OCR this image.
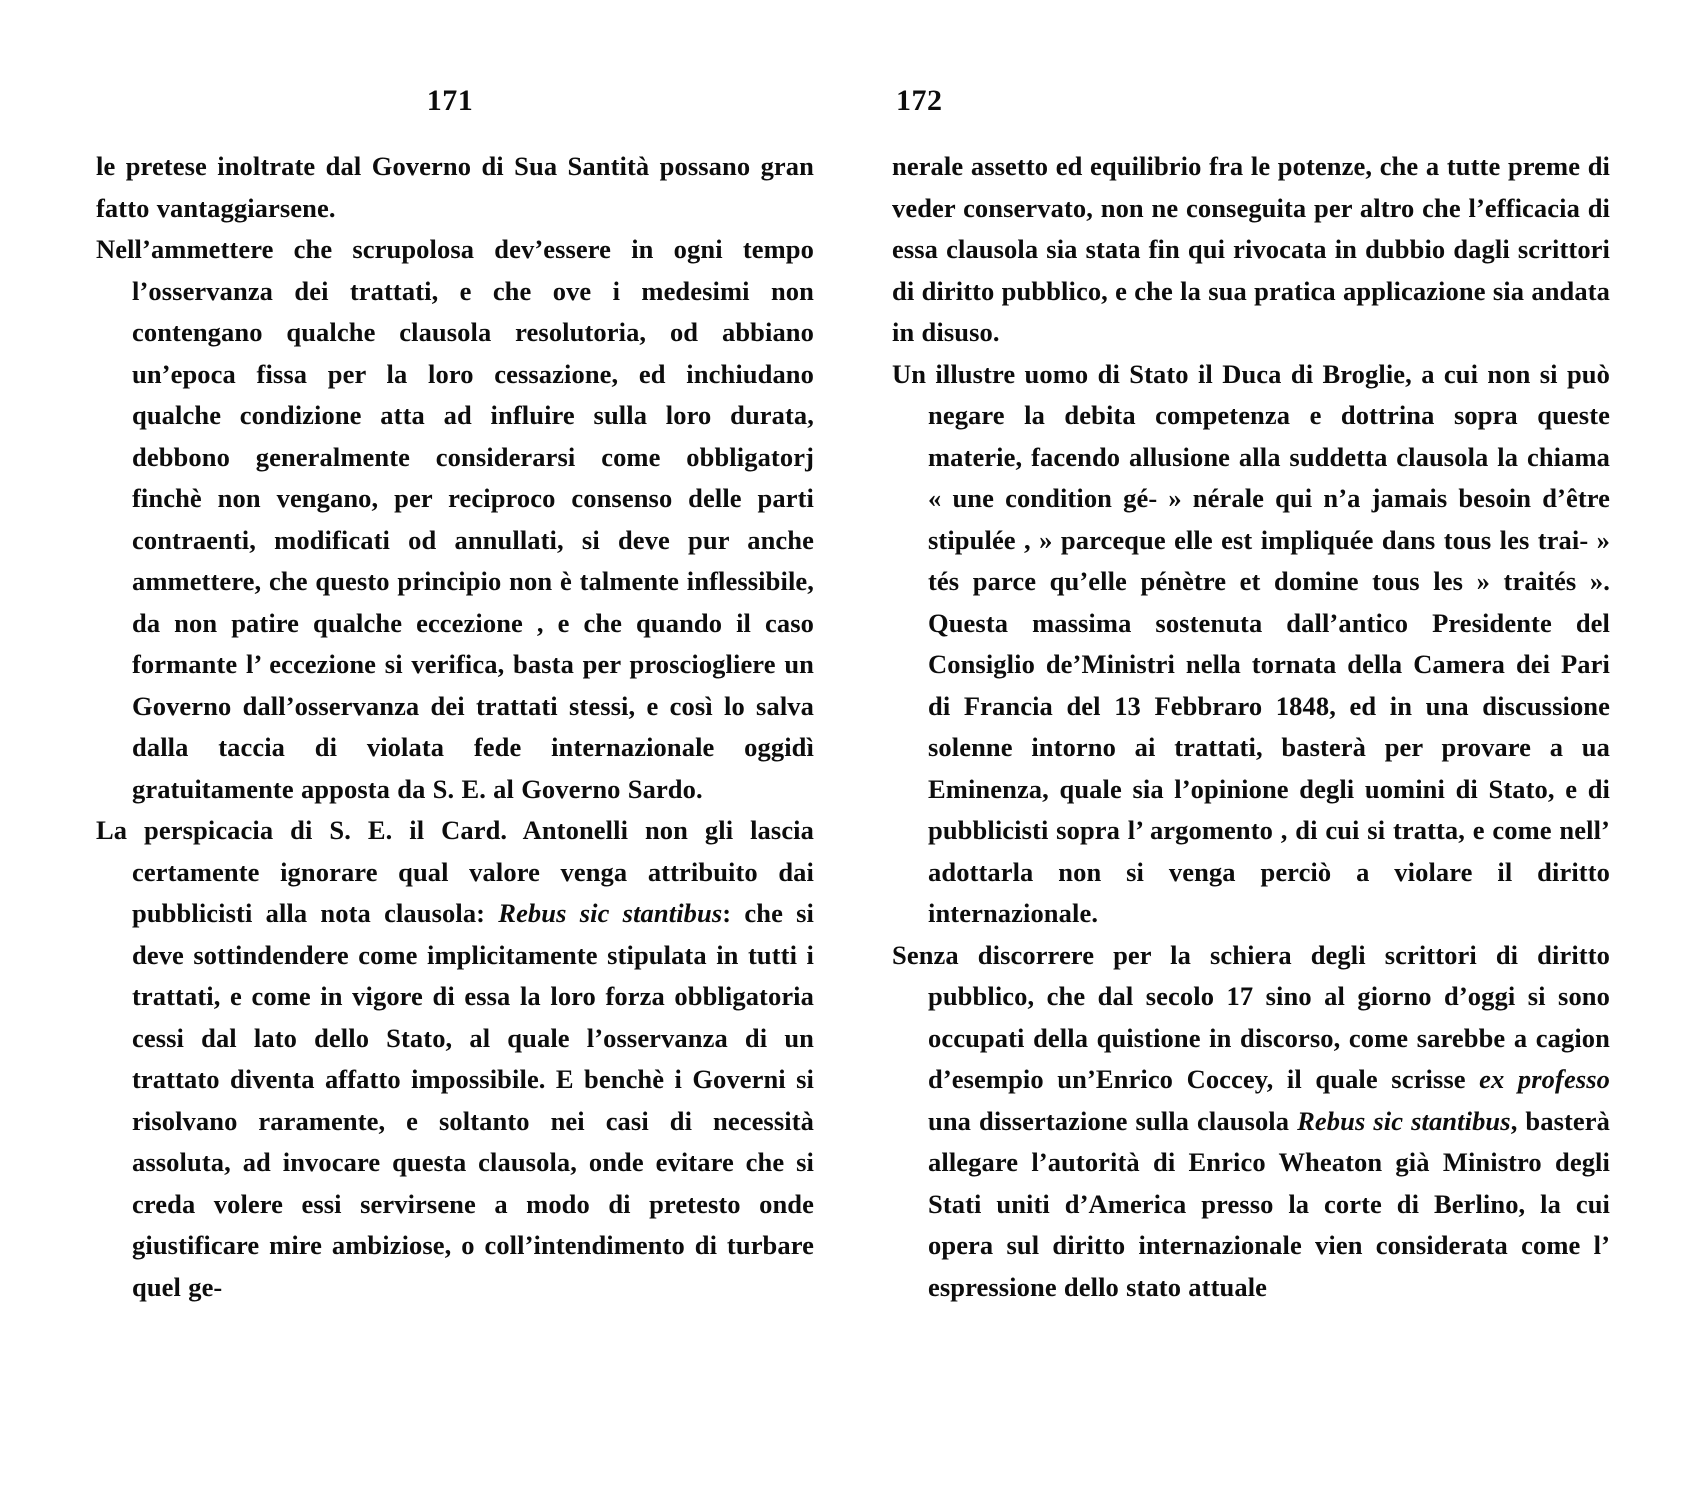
171

le pretese inoltrate dal Governo di Sua Santità possano gran fatto vantaggiarsene.

Nell’ammettere che scrupolosa dev’essere in ogni tempo l’osservanza dei trattati, e che ove i medesimi non contengano qualche clausola resolutoria, od abbiano un’epoca fissa per la loro cessazione, ed inchiudano qualche condizione atta ad influire sulla loro durata, debbono generalmente considerarsi come obbligatorj finchè non vengano, per reciproco consenso delle parti contraenti, modificati od annullati, si deve pur anche ammettere, che questo principio non è talmente inflessibile, da non patire qualche eccezione , e che quando il caso formante l’ eccezione si verifica, basta per prosciogliere un Governo dall’osservanza dei trattati stessi, e così lo salva dalla taccia di violata fede internazionale oggidì gratuitamente apposta da S. E. al Governo Sardo.

La perspicacia di S. E. il Card. Antonelli non gli lascia certamente ignorare qual valore venga attribuito dai pubblicisti alla nota clausola: Rebus sic stantibus: che si deve sottindendere come implicitamente stipulata in tutti i trattati, e come in vigore di essa la loro forza obbligatoria cessi dal lato dello Stato, al quale l’osservanza di un trattato diventa affatto impossibile. E benchè i Governi si risolvano raramente, e soltanto nei casi di necessità assoluta, ad invocare questa clausola, onde evitare che si creda volere essi servirsene a modo di pretesto onde giustificare mire ambiziose, o coll’intendimento di turbare quel ge-

172

nerale assetto ed equilibrio fra le potenze, che a tutte preme di veder conservato, non ne conseguita per altro che l’efficacia di essa clausola sia stata fin qui rivocata in dubbio dagli scrittori di diritto pubblico, e che la sua pratica applicazione sia andata in disuso.

Un illustre uomo di Stato il Duca di Broglie, a cui non si può negare la debita competenza e dottrina sopra queste materie, facendo allusione alla suddetta clausola la chiama « une condition gé- » nérale qui n’a jamais besoin d’être stipulée , » parceque elle est impliquée dans tous les trai- » tés parce qu’elle pénètre et domine tous les » traités ». Questa massima sostenuta dall’antico Presidente del Consiglio de’Ministri nella tornata della Camera dei Pari di Francia del 13 Febbraro 1848, ed in una discussione solenne intorno ai trattati, basterà per provare a ua Eminenza, quale sia l’opinione degli uomini di Stato, e di pubblicisti sopra l’ argomento , di cui si tratta, e come nell’ adottarla non si venga perciò a violare il diritto internazionale.

Senza discorrere per la schiera degli scrittori di diritto pubblico, che dal secolo 17 sino al giorno d’oggi si sono occupati della quistione in discorso, come sarebbe a cagion d’esempio un’Enrico Coccey, il quale scrisse ex professo una dissertazione sulla clausola Rebus sic stantibus, basterà allegare l’autorità di Enrico Wheaton già Ministro degli Stati uniti d’America presso la corte di Berlino, la cui opera sul diritto internazionale vien considerata come l’ espressione dello stato attuale
